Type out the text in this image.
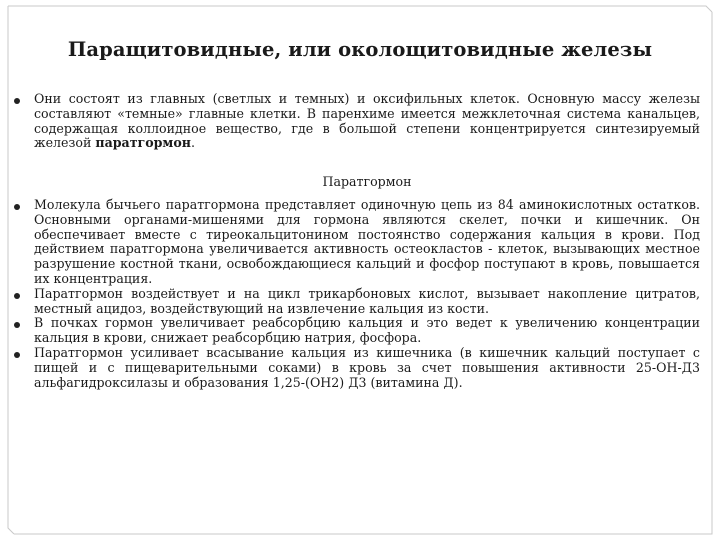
Паращитовидные, или околощитовидные железы

Они состоят из главных (светлых и темных) и оксифильных клеток. Основную массу железы составляют «темные» главные клетки. В паренхиме имеется межклеточная система канальцев, содержащая коллоидное вещество, где в большой степени концентрируется синтезируемый железой паратгормон.

Паратгормон

Молекула бычьего паратгормона представляет одиночную цепь из 84 аминокислотных остатков. Основными органами-мишенями для гормона являются скелет, почки и кишечник. Он обеспечивает вместе с тиреокальцитонином постоянство содержания кальция в крови. Под действием паратгормона увеличивается активность остеокластов - клеток, вызывающих местное разрушение костной ткани, освобождающиеся кальций и фосфор поступают в кровь, повышается их концентрация.

Паратгормон воздействует и на цикл трикарбоновых кислот, вызывает накопление цитратов, местный ацидоз, воздействующий на извлечение кальция из кости.

В почках гормон увеличивает реабсорбцию кальция и это ведет к увеличению концентрации кальция в крови, снижает реабсорбцию натрия, фосфора.

Паратгормон усиливает всасывание кальция из кишечника (в кишечник кальций поступает с пищей и с пищеварительными соками) в кровь за счет повышения активности 25-ОН-Д3 альфагидроксилазы и образования 1,25-(ОН2) Д3 (витамина Д).
